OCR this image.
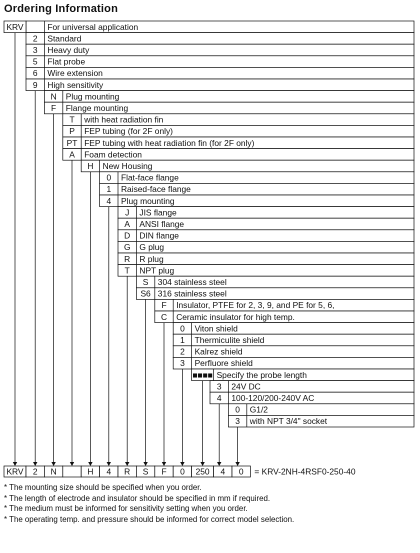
Ordering Information
For universal application
2 Standard
3 Heavy duty
5 Flat probe
6 Wire extension
9 High sensitivity
N Plug mounting
F Flange mounting
T with heat radiation fin
P FEP tubing (for 2F only)
PT FEP tubing with heat radiation fin (for 2F only)
A Foam detection
H New Housing
0 Flat-face flange
1 Raised-face flange
4 Plug mounting
J JIS flange
A ANSI flange
D DIN flange
G G plug
R R plug
T NPT plug
S 304 stainless steel
S6 316 stainless steel
F Insulator, PTFE for 2, 3, 9, and PE for 5, 6,
C Ceramic insulator for high temp.
0 Viton shield
1 Thermiculite shield
2 Kalrez shield
3 Perfluore shield
■■■■ Specify the probe length
3 24V DC
4 100-120/200-240V AC
0 G1/2
3 with NPT 3/4" socket
KRV
KRV 2 N	H 4 R S F 0 250 4 0 = KRV-2NH-4RSF0-250-40
* The mounting size should be specified when you order.
* The length of electrode and insulator should be specified in mm if required.
* The medium must be informed for sensitivity setting when you order.
* The operating temp. and pressure should be informed for correct model selection.
